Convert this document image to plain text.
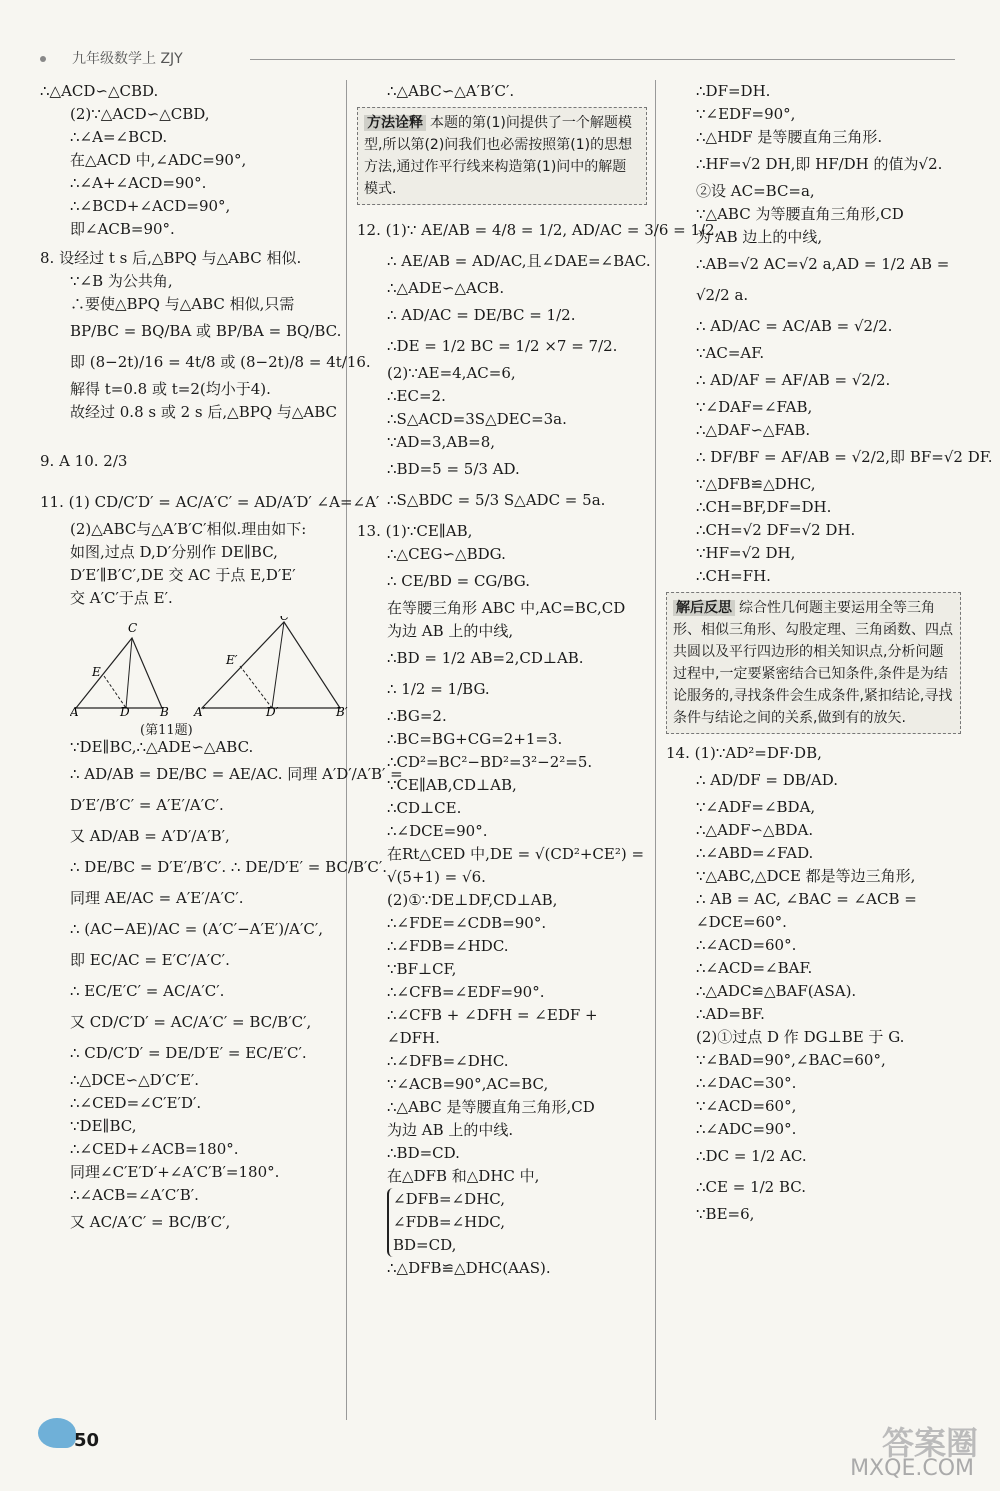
九年级数学上 ZJY
∴△ACD∽△CBD.
(2)∵△ACD∽△CBD,
∴∠A=∠BCD.
在△ACD 中,∠ADC=90°,
∴∠A+∠ACD=90°.
∴∠BCD+∠ACD=90°,
即∠ACB=90°.
8. 设经过 t s 后,△BPQ 与△ABC 相似.
∵∠B 为公共角,
∴要使△BPQ 与△ABC 相似,只需
BP/BC = BQ/BA 或 BP/BA = BQ/BC.
即 (8−2t)/16 = 4t/8 或 (8−2t)/8 = 4t/16.
解得 t=0.8 或 t=2(均小于4).
故经过 0.8 s 或 2 s 后,△BPQ 与△ABC
9. A 10. 2/3
11. (1) CD/C′D′ = AC/A′C′ = AD/A′D′ ∠A=∠A′
(2)△ABC与△A′B′C′相似.理由如下:
如图,过点 D,D′分别作 DE∥BC,
D′E′∥B′C′,DE 交 AC 于点 E,D′E′
交 A′C′于点 E′.
C
E
A	D	B
C′
E′
A′	D′	B′
(第11题)
∵DE∥BC,∴△ADE∽△ABC.
∴ AD/AB = DE/BC = AE/AC. 同理 A′D′/A′B′ =
D′E′/B′C′ = A′E′/A′C′.
又 AD/AB = A′D′/A′B′,
∴ DE/BC = D′E′/B′C′. ∴ DE/D′E′ = BC/B′C′.
同理 AE/AC = A′E′/A′C′.
∴ (AC−AE)/AC = (A′C′−A′E′)/A′C′,
即 EC/AC = E′C′/A′C′.
∴ EC/E′C′ = AC/A′C′.
又 CD/C′D′ = AC/A′C′ = BC/B′C′,
∴ CD/C′D′ = DE/D′E′ = EC/E′C′.
∴△DCE∽△D′C′E′.
∴∠CED=∠C′E′D′.
∵DE∥BC,
∴∠CED+∠ACB=180°.
同理∠C′E′D′+∠A′C′B′=180°.
∴∠ACB=∠A′C′B′.
又 AC/A′C′ = BC/B′C′,
∴△ABC∽△A′B′C′.
方法诠释 本题的第(1)问提供了一个解题模型,所以第(2)问我们也必需按照第(1)的思想方法,通过作平行线来构造第(1)问中的解题模式.
12. (1)∵ AE/AB = 4/8 = 1/2, AD/AC = 3/6 = 1/2,
∴ AE/AB = AD/AC,且∠DAE=∠BAC.
∴△ADE∽△ACB.
∴ AD/AC = DE/BC = 1/2.
∴DE = 1/2 BC = 1/2 ×7 = 7/2.
(2)∵AE=4,AC=6,
∴EC=2.
∴S△ACD=3S△DEC=3a.
∵AD=3,AB=8,
∴BD=5 = 5/3 AD.
∴S△BDC = 5/3 S△ADC = 5a.
13. (1)∵CE∥AB,
∴△CEG∽△BDG.
∴ CE/BD = CG/BG.
在等腰三角形 ABC 中,AC=BC,CD
为边 AB 上的中线,
∴BD = 1/2 AB=2,CD⊥AB.
∴ 1/2 = 1/BG.
∴BG=2.
∴BC=BG+CG=2+1=3.
∴CD²=BC²−BD²=3²−2²=5.
∵CE∥AB,CD⊥AB,
∴CD⊥CE.
∴∠DCE=90°.
在Rt△CED 中,DE = √(CD²+CE²) =
√(5+1) = √6.
(2)①∵DE⊥DF,CD⊥AB,
∴∠FDE=∠CDB=90°.
∴∠FDB=∠HDC.
∵BF⊥CF,
∴∠CFB=∠EDF=90°.
∴∠CFB + ∠DFH = ∠EDF +
∠DFH.
∴∠DFB=∠DHC.
∵∠ACB=90°,AC=BC,
∴△ABC 是等腰直角三角形,CD
为边 AB 上的中线.
∴BD=CD.
在△DFB 和△DHC 中,
∠DFB=∠DHC,
∠FDB=∠HDC,
BD=CD,
∴△DFB≌△DHC(AAS).
∴DF=DH.
∵∠EDF=90°,
∴△HDF 是等腰直角三角形.
∴HF=√2 DH,即 HF/DH 的值为√2.
②设 AC=BC=a,
∵△ABC 为等腰直角三角形,CD
为 AB 边上的中线,
∴AB=√2 AC=√2 a,AD = 1/2 AB =
√2/2 a.
∴ AD/AC = AC/AB = √2/2.
∵AC=AF.
∴ AD/AF = AF/AB = √2/2.
∵∠DAF=∠FAB,
∴△DAF∽△FAB.
∴ DF/BF = AF/AB = √2/2,即 BF=√2 DF.
∵△DFB≌△DHC,
∴CH=BF,DF=DH.
∴CH=√2 DF=√2 DH.
∵HF=√2 DH,
∴CH=FH.
解后反思 综合性几何题主要运用全等三角形、相似三角形、勾股定理、三角函数、四点共圆以及平行四边形的相关知识点,分析问题过程中,一定要紧密结合已知条件,条件是为结论服务的,寻找条件会生成条件,紧扣结论,寻找条件与结论之间的关系,做到有的放矢.
14. (1)∵AD²=DF·DB,
∴ AD/DF = DB/AD.
∵∠ADF=∠BDA,
∴△ADF∽△BDA.
∴∠ABD=∠FAD.
∵△ABC,△DCE 都是等边三角形,
∴ AB = AC, ∠BAC = ∠ACB =
∠DCE=60°.
∴∠ACD=60°.
∴∠ACD=∠BAF.
∴△ADC≌△BAF(ASA).
∴AD=BF.
(2)①过点 D 作 DG⊥BE 于 G.
∵∠BAD=90°,∠BAC=60°,
∴∠DAC=30°.
∵∠ACD=60°,
∴∠ADC=90°.
∴DC = 1/2 AC.
∴CE = 1/2 BC.
∵BE=6,
50	答案圈
MXQE.COM
